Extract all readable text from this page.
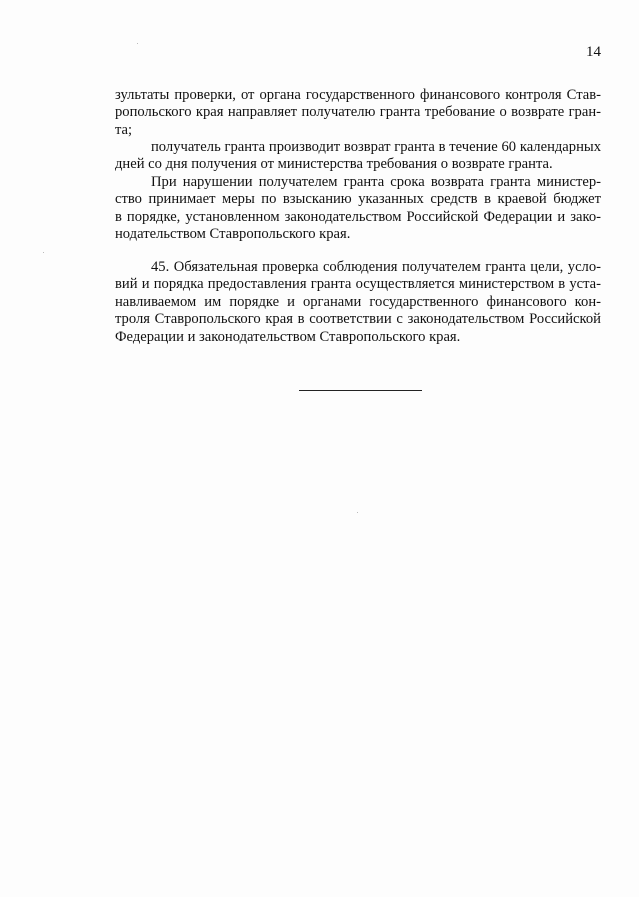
14
зультаты проверки, от органа государственного финансового контроля Став-
ропольского края направляет получателю гранта требование о возврате гран-
та;
получатель гранта производит возврат гранта в течение 60 календарных
дней со дня получения от министерства требования о возврате гранта.
При нарушении получателем гранта срока возврата гранта министер-
ство принимает меры по взысканию указанных средств в краевой бюджет
в порядке, установленном законодательством Российской Федерации и зако-
нодательством Ставропольского края.
45. Обязательная проверка соблюдения получателем гранта цели, усло-
вий и порядка предоставления гранта осуществляется министерством в уста-
навливаемом им порядке и органами государственного финансового кон-
троля Ставропольского края в соответствии с законодательством Российской
Федерации и законодательством Ставропольского края.
